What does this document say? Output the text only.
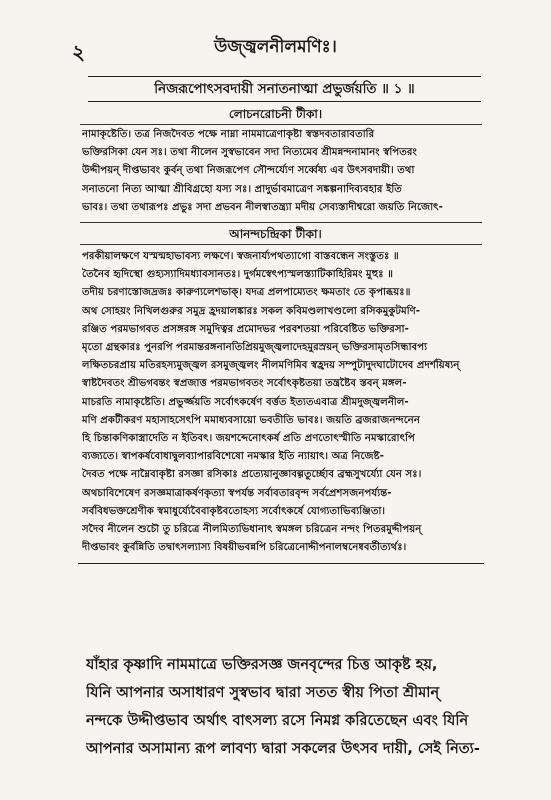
২	উজ্জ্বলনীলমণিঃ।
নিজরূপোৎসবদায়ী সনাতনাত্মা প্রভুর্জয়তি ॥ ১ ॥
লোচনরোচনী টীকা।
নামাকৃষ্টেতি। তত্র নিজদৈবত পক্ষে নাম্না নামমাত্রেণাকৃষ্টা স্বস্তদবতারাবতারি
ভক্তিরসিকা যেন সঃ। তথা নীলেন সুস্বভাবেন সদা নিত্যমেব শ্রীমন্নন্দনামানং স্বপিতরং
উদ্দীপয়ন্ দীপ্তভাবং কুর্বন্‌ তথা নিজরূপেণ সৌন্দর্য্যেণ সর্ব্বেষ্য এব উৎসবদায়ী। তথা
সনাতনো নিত্য আত্মা শ্রীবিগ্রহো যস্য সঃ। প্রাদুর্ভাবমাত্রেণ সঙ্কল্পনাদিব্যবহার ইতি
ভাবঃ। তথা তথারূপঃ প্রভুঃ সদা প্রভবন নীলস্বাতন্ত্র্যা মদীয় সেব্যস্তাদীশ্বরো জয়তি নিজোৎ-
আনন্দচন্দ্রিকা টীকা।
পরকীয়ালক্ষণে যস্মন্মহাভাবস্য লক্ষণে। স্বজনার্য্যপথত্যাগো বাস্তবন্ধেন সংস্তুতঃ ॥
তৈনৈব হৃদিস্থো গুহ্যস্যাদিমধ্যাবসানতঃ। দুর্গমস্বেৎপ্যস্মলস্ত্যাটিকাহিরিমং মুহুঃ ॥
তদীয় চরণাস্তোজদ্রজঃ কারুণ্যলেশভাক্। যদত্র প্রলপাম্যেতং ক্ষমতাং তে কৃপাব্ধয়ঃ॥
অথ সোহয়ং নিখিলগুরুর সমুদ্র হ্রদয়ালঙ্কারঃ সকল কবিমণ্ডলাখণ্ডলো রসিকমুকুটমণি-
রঞ্জিত পরমভাগবত প্রসঙ্গরঙ্গ সমুদিত্বর প্রমোদভর পরবশতয়া পরিবেষ্টিত ভক্তিরসা-
মৃতো গ্রন্থকারঃ পুনরপি পরমান্তরঙ্গনানতিপ্রিয়মুজ্জ্বলাদেহমুরস্রয়ন্ ভক্তিরসামৃতসিন্ধাবপ্য
লক্ষিতচরপ্রায় মতিরহস্যমুজ্জ্বল রসমুজ্জ্বলং নীলমণিমিব স্বহ্রদয় সম্পুটাদুদঘাটোদেব প্রদর্শয়িষ্যন্
স্বাষ্টদৈবতং শ্রীভগবন্তং স্বপ্রজাত্ত পরমভাগবতং সর্বোৎকৃষ্টতয়া তন্ত্রষ্টৈব স্তবন্ মঙ্গল-
মাচরতি নামাকৃষ্টেতি। প্রভুর্জ্জয়তি সর্বোৎকর্ষেণ বর্ত্তত ইত্যতএবাত্র শ্রীমদুজ্জ্বলনীল-
মণি প্রকটীকরণ মহাসাহসেৎপি মমাধ্যবসায়ো ভবতীতি ভাবঃ। জয়তি ব্রজরাজনন্দনেন
হি চিন্তাকণিকাস্ত্রাদেতি ন ইতিবৎ। জয়শব্দেনোৎকর্ষ প্রতি প্রণতোৎস্মীতি নমস্কারোৎপি
ব্যজ্যতে। স্বাপকর্ষবোধাদ্বুলব্যাপারবিশেষো নমস্কার ইতি ন্যায়াৎ। অত্র নিজেষ্ট-
দৈবত পক্ষে নাম্নৈবাকৃষ্টা রসজ্ঞা রসিকাঃ প্রত্যেয়ানুজ্ঞাবল্গতুর্চ্ছোব ব্রহ্মসুখর্য্যো যেন সঃ।
অথচাবিশেষেণ রসজ্ঞমাত্রাকর্ষণকৃত্যা স্বপর্যন্ত সর্বাবতারবৃন্দ সর্বপ্রেশসজনপর্য্যন্ত-
সর্ববিধভক্তশ্রেণীক স্বমাধুর্য্যেবৈবাকৃষ্টবতোহস্য সর্বোৎকর্ষে যোগ্যতাভিব্যঞ্জিতা।
সদৈব নীলেন শুচৌ তু চরিত্রে নীলমিত্যভিধানাৎ স্বমঙ্গল চরিত্রেন নন্দং পিতরমুদ্দীপয়ন্
দীপ্তভাবং কুর্বন্নিতি তদ্বাৎসল্যাস্য বিষয়ীভবন্নপি চরিত্রেনোদ্দীপনালম্বনেষ্ববর্তীত্যর্থঃ।
যাঁহার কৃষ্ণাদি নামমাত্রে ভক্তিরসজ্ঞ জনবৃন্দের চিত্ত আকৃষ্ট হয়,
যিনি আপনার অসাধারণ সুস্বভাব দ্বারা সতত স্বীয় পিতা শ্রীমান্
নন্দকে উদ্দীপ্তভাব অর্থাৎ বাৎসল্য রসে নিমগ্ন করিতেছেন এবং যিনি
আপনার অসামান্য রূপ লাবণ্য দ্বারা সকলের উৎসব দায়ী, সেই নিত্য-
